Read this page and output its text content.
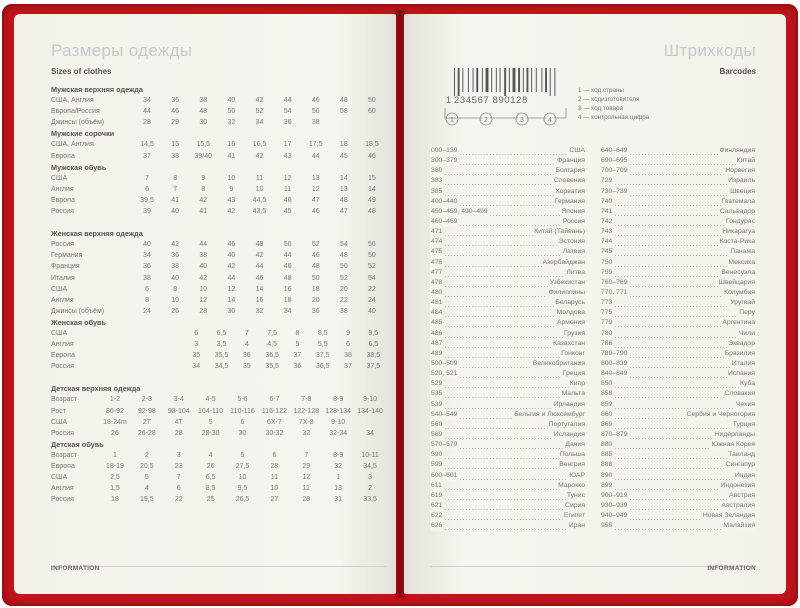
Размеры одежды
Sizes of clothes
Мужская верхняя одежда
США, Англия	34	36	38	40	42	44	46	48	50
Европа/Россия	44	46	48	50	52	54	56	58	60
Джинсы (объём)	28	29	30	32	34	36	38
Мужские сорочки
США, Англия	14,5	15	15,5	16	16,5	17	17,5	18	18,5
Европа	37	38	39/40	41	42	43	44	45	46
Мужская обувь
США	7	8	9	10	11	12	13	14	15
Англия	6	7	8	9	10	11	12	13	14
Европа	39,5	41	42	43	44,5	46	47	48	49
Россия	39	40	41	42	43,5	45	46	47	48
Женская верхняя одежда
Россия	40	42	44	46	48	50	52	54	56
Германия	34	36	38	40	42	44	46	48	50
Франция	36	38	40	42	44	46	48	50	52
Италия	38	40	42	44	46	48	50	52	54
США	6	8	10	12	14	16	18	20	22
Англия	8	10	12	14	16	18	20	22	24
Джинсы (объём)	24	26	28	30	32	34	36	38	40
Женская обувь
США	6	6,5	7	7,5	8	8,5	9	9,5
Англия	3	3,5	4	4,5	5	5,5	6	6,5
Европа	35	35,5	36	36,5	37	37,5	38	38,5
Россия	34	34,5	35	35,5	36	36,5	37	37,5
Детская верхняя одежда
Возраст	1-2	2-3	3-4	4-5	5-6	6-7	7-8	8-9	9-10
Рост	86-92	92-98	98-104	104-110 110-116 116-122 122-128 128-134 134-140
США	18-24m	2T	4T	5	6	6X-7	7X-8	9-10
Россия	26	26-28	28	28-30	30	30-32	32	32-34	34
Детская обувь
Возраст	1	2	3	4	5	6	7	8-9	10-11
Европа	18-19	20,5	23	26	27,5	28	29	32	34,5
США	2,5	5	7	6,5	10	11	12	1	3
Англия	1,5	4	6	8,5	9,5	10	11	13	2
Россия	18	19,5	22	25	26,5	27	28	31	33,5
INFORMATION
Штрихкоды
Barcodes
1 234567 890128
1	2	3	4
1 — код страны
2 — кодизготовителя
3 — код товара
4 — контрольная цифра
000–139	США
300–379	Франция
380	Болгария
383	Словения
385	Хорватия
400–440	Германия
450–459, 490–499	Япония
460–469	Россия
471	Китай (Тайвань)
474	Эстония
475	Латвия
476	Азербайджан
477	Литва
478	Узбекистан
480	Филиппины
481	Беларусь
484	Молдова
485	Армения
486	Грузия
487	Казахстан
489	Гонконг
500–509	Великобритания
520, 521	Греция
529	Кипр
535	Мальта
539	Ирландия
540–549	Бельгия и Люксембург
560	Португалия
569	Исландия
570–579	Дания
590	Польша
599	Венгрия
600–601	ЮАР
611	Марокко
619	Тунис
621	Сирия
622	Египет
626	Иран
640–649	Финляндия
690–695	Китай
700–709	Норвегия
729	Израиль
730–739	Швеция
740	Гватемала
741	Сальвадор
742	Гондурас
743	Никарагуа
744	Коста-Рика
745	Панама
750	Мексика
759	Венесуэла
760–769	Швейцария
770, 771	Колумбия
773	Уругвай
775	Перу
779	Аргентина
780	Чили
786	Эквадор
789–790	Бразилия
800–839	Италия
840–849	Испания
850	Куба
858	Словакия
859	Чехия
860	Сербия и Черногория
869	Турция
870–879	Нидерланды
880	Южная Корея
885	Таиланд
888	Сингапур
890	Индия
899	Индонезия
900–919	Австрия
930–939	Австралия
940–949	Новая Зеландия
955	Малайзия
INFORMATION
